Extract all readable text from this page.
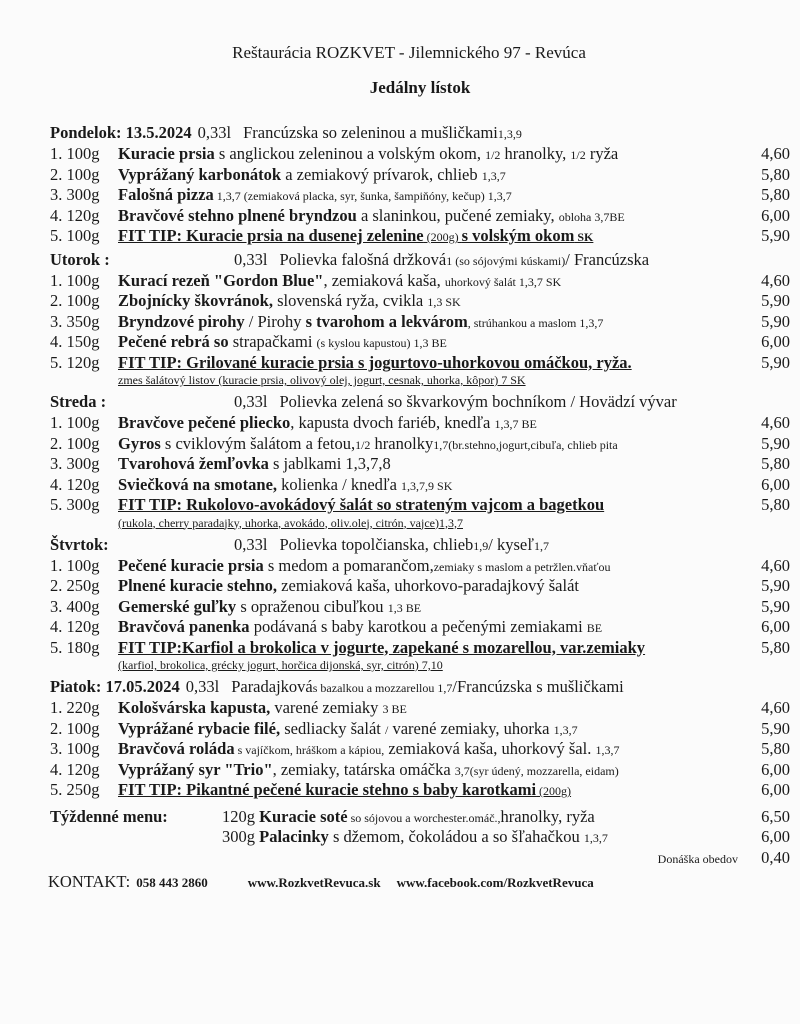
Reštaurácia ROZKVET - Jilemnického 97 - Revúca
Jedálny lístok
Pondelok: 13.5.2024 0,33l Francúzska so zeleninou a mušličkami 1,3,9
1. 100g	Kuracie prsia s anglickou zeleninou a volským okom, 1/2 hranolky, 1/2 ryža	4,60
2. 100g	Vyprážaný karbonátok a zemiakový prívarok, chlieb 1,3,7	5,80
3. 300g	Falošná pizza 1,3,7 (zemiaková placka, syr, šunka, šampiňóny, kečup) 1,3,7	5,80
4. 120g	Bravčové stehno plnené bryndzou a slaninkou, pučené zemiaky, obloha 3,7BE	6,00
5. 100g	FIT TIP: Kuracie prsia na dusenej zelenine (200g) s volským okom SK	5,90
Utorok :	0,33l Polievka falošná držková 1 (so sójovými kúskami) / Francúzska
1. 100g	Kurací rezeň "Gordon Blue", zemiaková kaša, uhorkový šalát 1,3,7 SK	4,60
2. 100g	Zbojnícky škovránok, slovenská ryža, cvikla 1,3 SK	5,90
3. 350g	Bryndzové pirohy / Pirohy s tvarohom a lekvárom, strúhankou a maslom 1,3,7	5,90
4. 150g	Pečené rebrá so strapačkami (s kyslou kapustou) 1,3 BE	6,00
5. 120g	FIT TIP: Grilované kuracie prsia s jogurtovo-uhorkovou omáčkou, ryža.	5,90
zmes šalátový listov (kuracie prsia, olivový olej, jogurt, cesnak, uhorka, kôpor) 7 SK
Streda :	0,33l Polievka zelená so škvarkovým bochníkom / Hovädzí vývar
1. 100g	Bravčove pečené pliecko, kapusta dvoch fariéb, knedľa 1,3,7 BE	4,60
2. 100g	Gyros s cviklovým šalátom a fetou,1/2 hranolky1,7(br.stehno,jogurt,cibuľa, chlieb pita	5,90
3. 300g	Tvarohová žemľovka s jablkami 1,3,7,8	5,80
4. 120g	Sviečková na smotane, kolienka / knedľa 1,3,7,9 SK	6,00
5. 300g	FIT TIP: Rukolovo-avokádový šalát so strateným vajcom a bagetkou	5,80
(rukola, cherry paradajky, uhorka, avokádo, oliv.olej, citrón, vajce)1,3,7
Štvrtok:	0,33l Polievka topolčianska, chlieb 1,9 / kyseľ 1,7
1. 100g	Pečené kuracie prsia s medom a pomarančom,zemiaky s maslom a petržlen.vňaťou	4,60
2. 250g	Plnené kuracie stehno, zemiaková kaša, uhorkovo-paradajkový šalát	5,90
3. 400g	Gemerské guľky s opraženou cibuľkou 1,3 BE	5,90
4. 120g	Bravčová panenka podávaná s baby karotkou a pečenými zemiakami BE	6,00
5. 180g	FIT TIP:Karfiol a brokolica v jogurte, zapekané s mozarellou, var.zemiaky	5,80
(karfiol, brokolica, grécky jogurt, horčica dijonská, syr, citrón) 7,10
Piatok: 17.05.2024 0,33l Paradajková s bazalkou a mozzarellou 1,7 /Francúzska s mušličkami
1. 220g	Kološvárska kapusta, varené zemiaky 3 BE	4,60
2. 100g	Vyprážané rybacie filé, sedliacky šalát / varené zemiaky, uhorka 1,3,7	5,90
3. 100g	Bravčová roláda s vajíčkom, hráškom a kápiou, zemiaková kaša, uhorkový šal. 1,3,7	5,80
4. 120g	Vyprážaný syr "Trio", zemiaky, tatárska omáčka 3,7(syr údený, mozzarella, eidam)	6,00
5. 250g	FIT TIP: Pikantné pečené kuracie stehno s baby karotkami (200g)	6,00
Týždenné menu:	120g Kuracie soté so sójovou a worchester.omáč.,hranolky, ryža	6,50
300g Palacinky s džemom, čokoládou a so šľahačkou 1,3,7	6,00
Donáška obedov	0,40
KONTAKT: 058 443 2860	www.RozkvetRevuca.sk www.facebook.com/RozkvetRevuca
